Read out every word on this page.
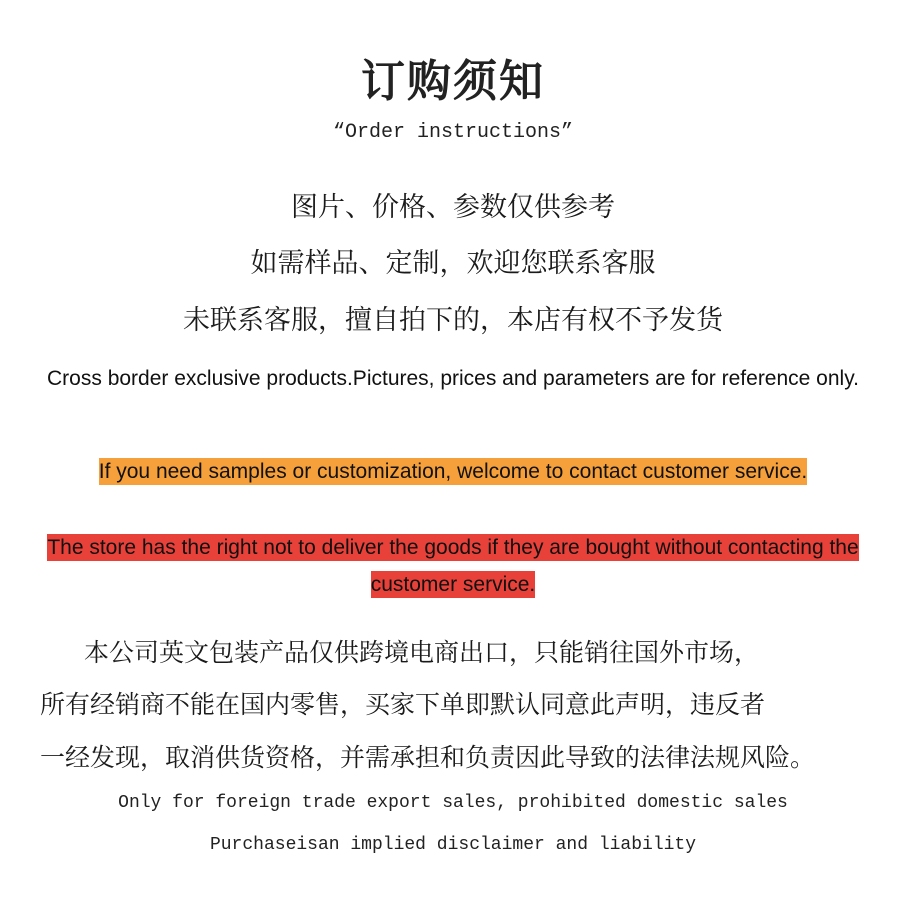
订购须知
“Order instructions”
图片、价格、参数仅供参考
如需样品、定制，欢迎您联系客服
未联系客服，擅自拍下的，本店有权不予发货
Cross border exclusive products.Pictures, prices and parameters are for reference only.
If you need samples or customization, welcome to contact customer service.
The store has the right not to deliver the goods if they are bought without contacting the customer service.
本公司英文包装产品仅供跨境电商出口，只能销往国外市场，
所有经销商不能在国内零售，买家下单即默认同意此声明，违反者
一经发现，取消供货资格，并需承担和负责因此导致的法律法规风险。
Only for foreign trade export sales, prohibited domestic sales
Purchaseisan implied disclaimer and liability
